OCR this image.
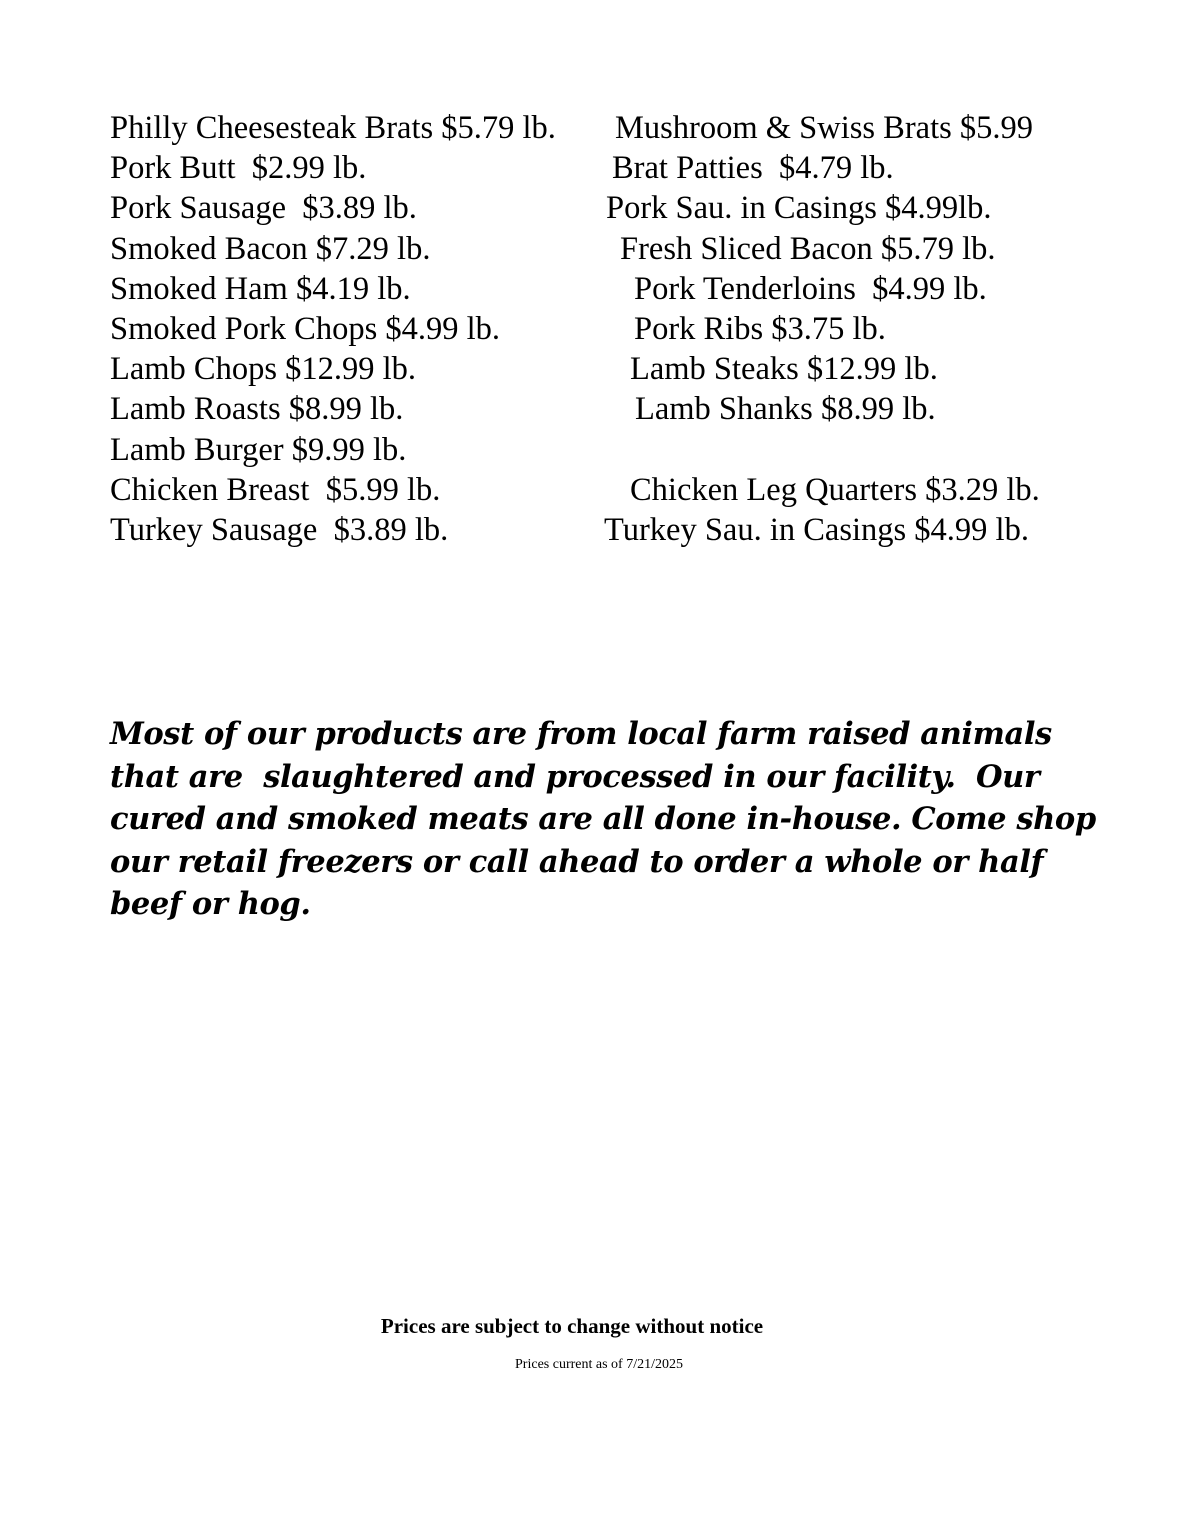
Philly Cheesesteak Brats $5.79 lb. Mushroom & Swiss Brats $5.99
Pork Butt  $2.99 lb.	Brat Patties  $4.79 lb.
Pork Sausage  $3.89 lb.	Pork Sau. in Casings $4.99lb.
Smoked Bacon $7.29 lb.	Fresh Sliced Bacon $5.79 lb.
Smoked Ham $4.19 lb.	Pork Tenderloins  $4.99 lb.
Smoked Pork Chops $4.99 lb.	Pork Ribs $3.75 lb.
Lamb Chops $12.99 lb.	Lamb Steaks $12.99 lb.
Lamb Roasts $8.99 lb.	Lamb Shanks $8.99 lb.
Lamb Burger $9.99 lb.
Chicken Breast  $5.99 lb.	Chicken Leg Quarters $3.29 lb.
Turkey Sausage  $3.89 lb.	Turkey Sau. in Casings $4.99 lb.

Most of our products are from local farm raised animals
that are  slaughtered and processed in our facility.  Our
cured and smoked meats are all done in-house. Come shop
our retail freezers or call ahead to order a whole or half
beef or hog.

Prices are subject to change without notice

Prices current as of 7/21/2025
